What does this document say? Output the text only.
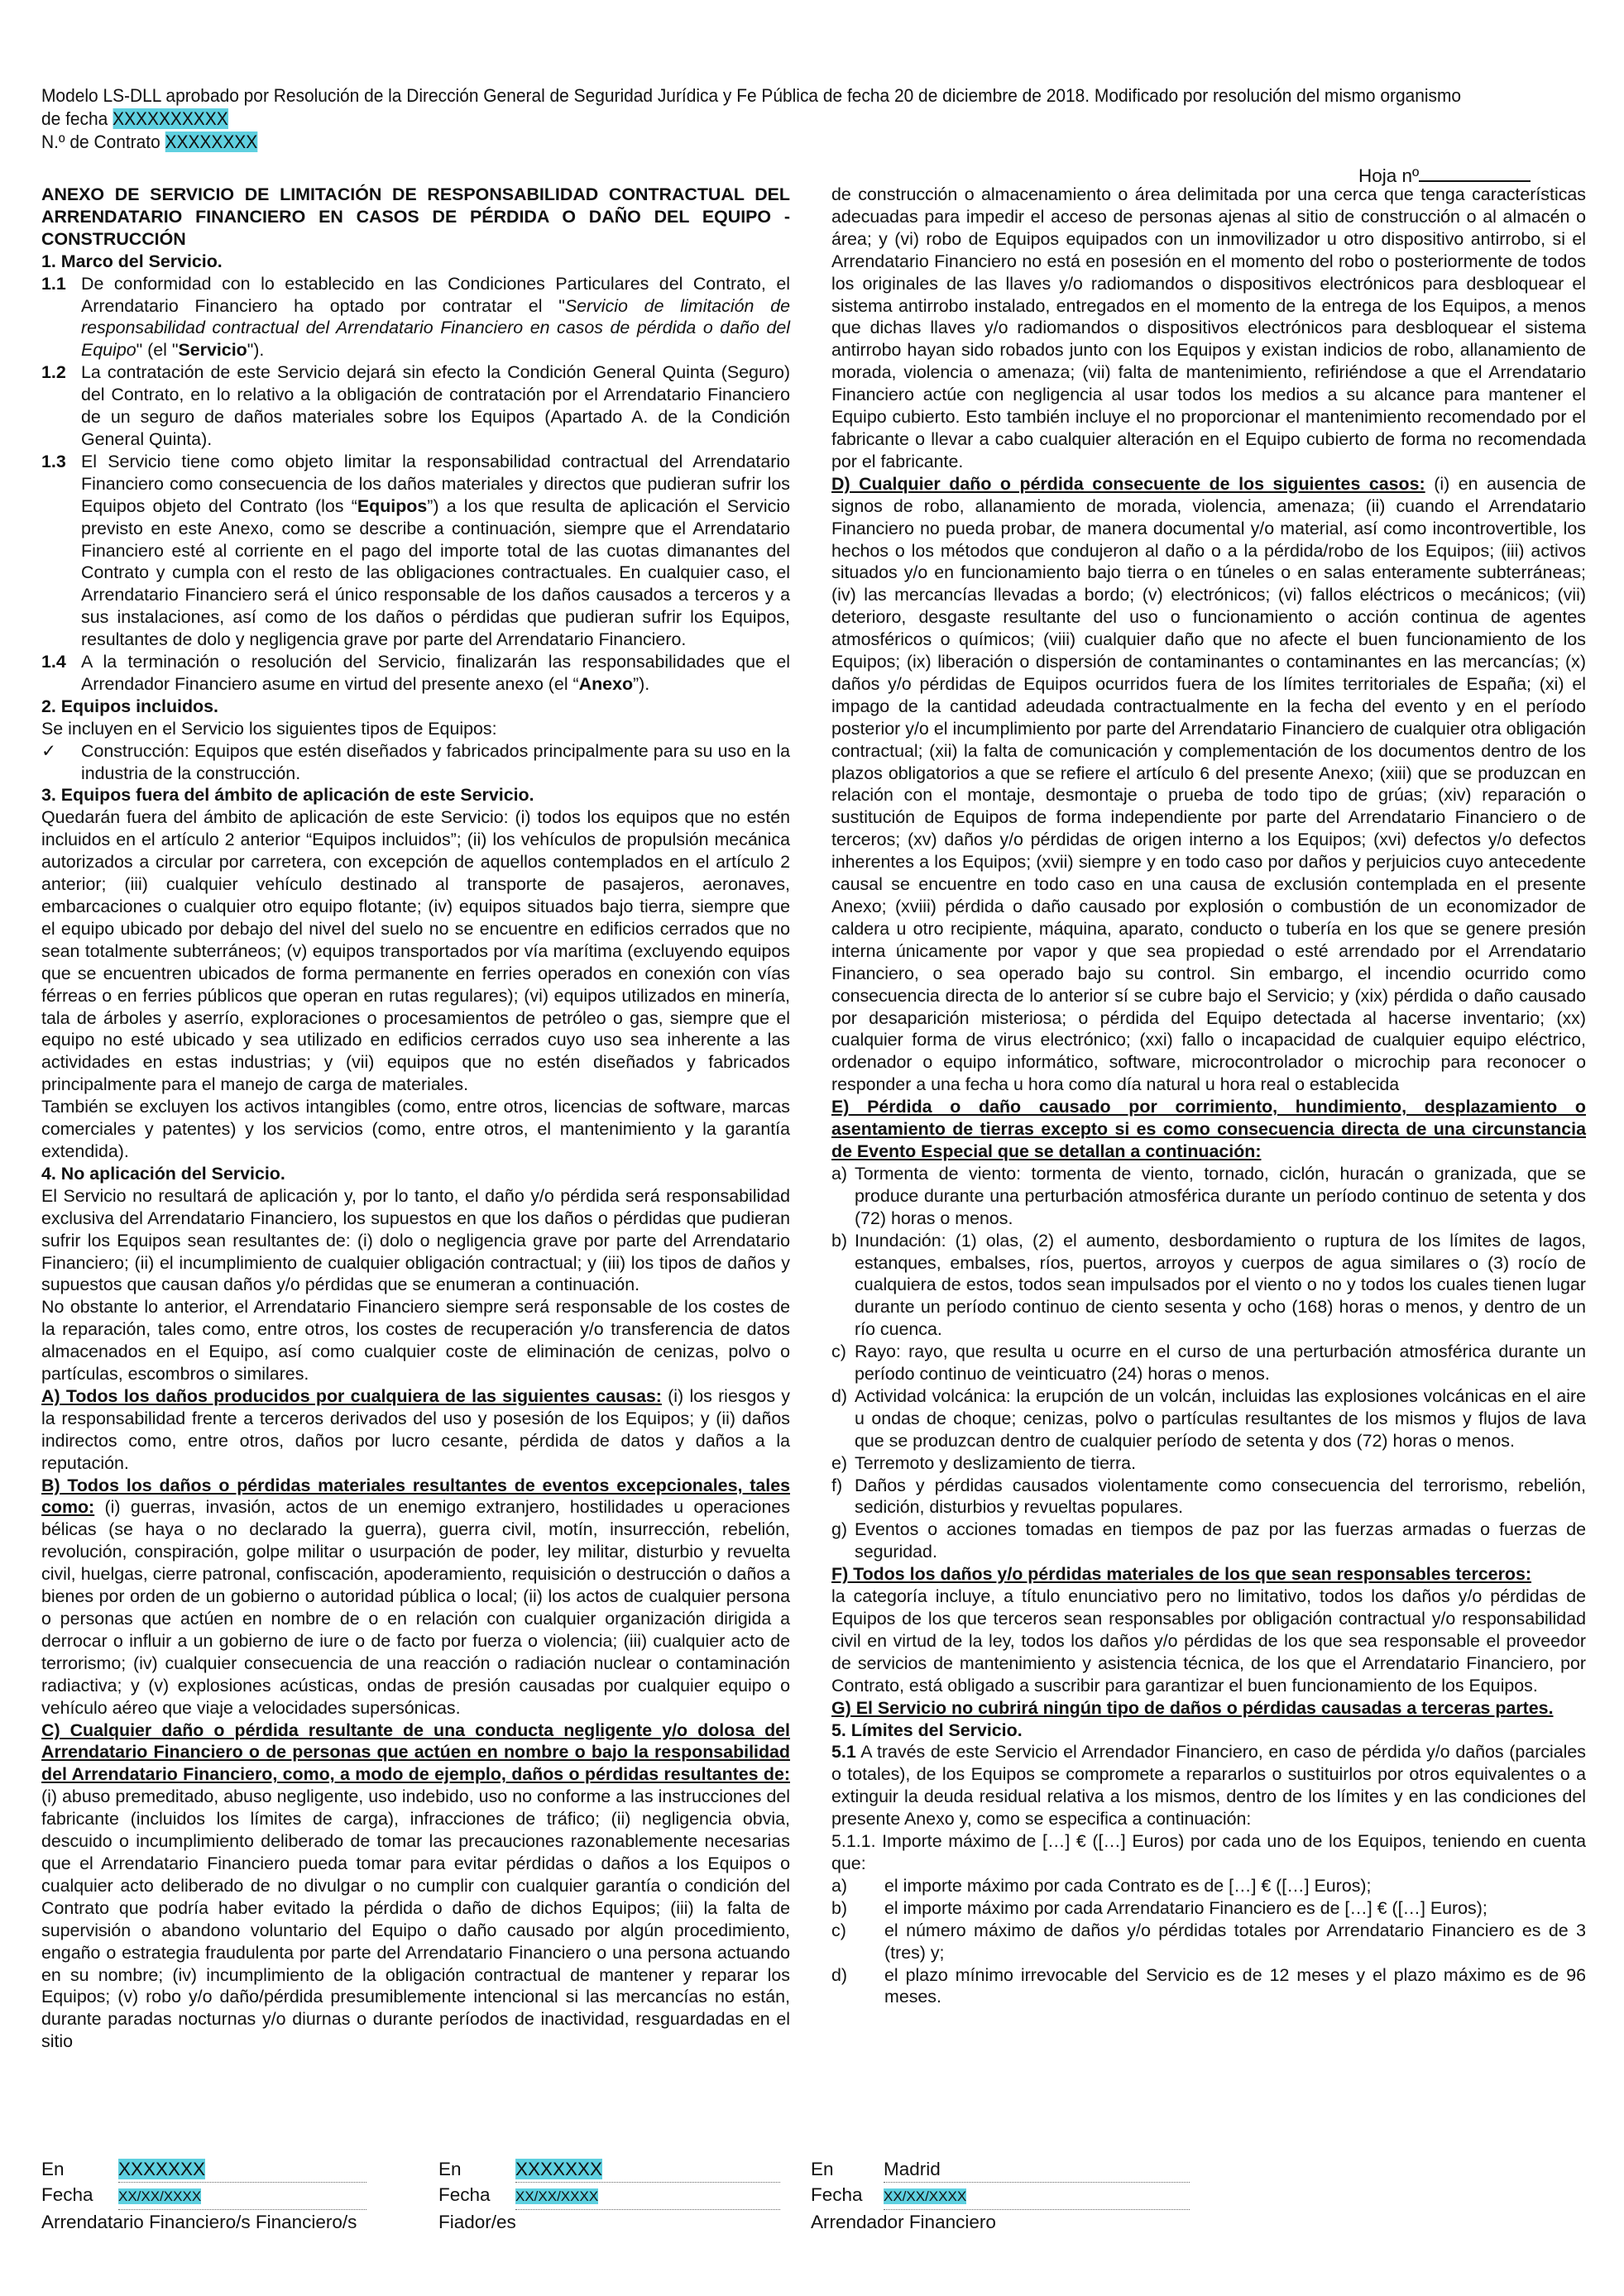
Modelo LS-DLL aprobado por Resolución de la Dirección General de Seguridad Jurídica y Fe Pública de fecha 20 de diciembre de 2018. Modificado por resolución del mismo organismo de fecha XXXXXXXXXX
N.º de Contrato XXXXXXXX
Hoja nº

ANEXO DE SERVICIO DE LIMITACIÓN DE RESPONSABILIDAD CONTRACTUAL DEL ARRENDATARIO FINANCIERO EN CASOS DE PÉRDIDA O DAÑO DEL EQUIPO - CONSTRUCCIÓN

1. Marco del Servicio.

1.1 De conformidad con lo establecido en las Condiciones Particulares del Contrato, el Arrendatario Financiero ha optado por contratar el "Servicio de limitación de responsabilidad contractual del Arrendatario Financiero en casos de pérdida o daño del Equipo" (el "Servicio").
1.2 La contratación de este Servicio dejará sin efecto la Condición General Quinta (Seguro) del Contrato, en lo relativo a la obligación de contratación por el Arrendatario Financiero de un seguro de daños materiales sobre los Equipos (Apartado A. de la Condición General Quinta).
1.3 El Servicio tiene como objeto limitar la responsabilidad contractual del Arrendatario Financiero como consecuencia de los daños materiales y directos que pudieran sufrir los Equipos objeto del Contrato (los “Equipos”) a los que resulta de aplicación el Servicio previsto en este Anexo, como se describe a continuación, siempre que el Arrendatario Financiero esté al corriente en el pago del importe total de las cuotas dimanantes del Contrato y cumpla con el resto de las obligaciones contractuales. En cualquier caso, el Arrendatario Financiero será el único responsable de los daños causados a terceros y a sus instalaciones, así como de los daños o pérdidas que pudieran sufrir los Equipos, resultantes de dolo y negligencia grave por parte del Arrendatario Financiero.
1.4 A la terminación o resolución del Servicio, finalizarán las responsabilidades que el Arrendador Financiero asume en virtud del presente anexo (el “Anexo”).

2. Equipos incluidos.

Se incluyen en el Servicio los siguientes tipos de Equipos:

✓	Construcción: Equipos que estén diseñados y fabricados principalmente para su uso en la industria de la construcción.

3. Equipos fuera del ámbito de aplicación de este Servicio.

Quedarán fuera del ámbito de aplicación de este Servicio: (i) todos los equipos que no estén incluidos en el artículo 2 anterior “Equipos incluidos”; (ii) los vehículos de propulsión mecánica autorizados a circular por carretera, con excepción de aquellos contemplados en el artículo 2 anterior; (iii) cualquier vehículo destinado al transporte de pasajeros, aeronaves, embarcaciones o cualquier otro equipo flotante; (iv) equipos situados bajo tierra, siempre que el equipo ubicado por debajo del nivel del suelo no se encuentre en edificios cerrados que no sean totalmente subterráneos; (v) equipos transportados por vía marítima (excluyendo equipos que se encuentren ubicados de forma permanente en ferries operados en conexión con vías férreas o en ferries públicos que operan en rutas regulares); (vi) equipos utilizados en minería, tala de árboles y aserrío, exploraciones o procesamientos de petróleo o gas, siempre que el equipo no esté ubicado y sea utilizado en edificios cerrados cuyo uso sea inherente a las actividades en estas industrias; y (vii) equipos que no estén diseñados y fabricados principalmente para el manejo de carga de materiales.

También se excluyen los activos intangibles (como, entre otros, licencias de software, marcas comerciales y patentes) y los servicios (como, entre otros, el mantenimiento y la garantía extendida).

4. No aplicación del Servicio.

El Servicio no resultará de aplicación y, por lo tanto, el daño y/o pérdida será responsabilidad exclusiva del Arrendatario Financiero, los supuestos en que los daños o pérdidas que pudieran sufrir los Equipos sean resultantes de: (i) dolo o negligencia grave por parte del Arrendatario Financiero; (ii) el incumplimiento de cualquier obligación contractual; y (iii) los tipos de daños y supuestos que causan daños y/o pérdidas que se enumeran a continuación.

No obstante lo anterior, el Arrendatario Financiero siempre será responsable de los costes de la reparación, tales como, entre otros, los costes de recuperación y/o transferencia de datos almacenados en el Equipo, así como cualquier coste de eliminación de cenizas, polvo o partículas, escombros o similares.

A) Todos los daños producidos por cualquiera de las siguientes causas: (i) los riesgos y la responsabilidad frente a terceros derivados del uso y posesión de los Equipos; y (ii) daños indirectos como, entre otros, daños por lucro cesante, pérdida de datos y daños a la reputación.

B) Todos los daños o pérdidas materiales resultantes de eventos excepcionales, tales como: (i) guerras, invasión, actos de un enemigo extranjero, hostilidades u operaciones bélicas (se haya o no declarado la guerra), guerra civil, motín, insurrección, rebelión, revolución, conspiración, golpe militar o usurpación de poder, ley militar, disturbio y revuelta civil, huelgas, cierre patronal, confiscación, apoderamiento, requisición o destrucción o daños a bienes por orden de un gobierno o autoridad pública o local; (ii) los actos de cualquier persona o personas que actúen en nombre de o en relación con cualquier organización dirigida a derrocar o influir a un gobierno de iure o de facto por fuerza o violencia; (iii) cualquier acto de terrorismo; (iv) cualquier consecuencia de una reacción o radiación nuclear o contaminación radiactiva; y (v) explosiones acústicas, ondas de presión causadas por cualquier equipo o vehículo aéreo que viaje a velocidades supersónicas.

C) Cualquier daño o pérdida resultante de una conducta negligente y/o dolosa del Arrendatario Financiero o de personas que actúen en nombre o bajo la responsabilidad del Arrendatario Financiero, como, a modo de ejemplo, daños o pérdidas resultantes de: (i) abuso premeditado, abuso negligente, uso indebido, uso no conforme a las instrucciones del fabricante (incluidos los límites de carga), infracciones de tráfico; (ii) negligencia obvia, descuido o incumplimiento deliberado de tomar las precauciones razonablemente necesarias que el Arrendatario Financiero pueda tomar para evitar pérdidas o daños a los Equipos o cualquier acto deliberado de no divulgar o no cumplir con cualquier garantía o condición del Contrato que podría haber evitado la pérdida o daño de dichos Equipos; (iii) la falta de supervisión o abandono voluntario del Equipo o daño causado por algún procedimiento, engaño o estrategia fraudulenta por parte del Arrendatario Financiero o una persona actuando en su nombre; (iv) incumplimiento de la obligación contractual de mantener y reparar los Equipos; (v) robo y/o daño/pérdida presumiblemente intencional si las mercancías no están, durante paradas nocturnas y/o diurnas o durante períodos de inactividad, resguardadas en el sitio

de construcción o almacenamiento o área delimitada por una cerca que tenga características adecuadas para impedir el acceso de personas ajenas al sitio de construcción o al almacén o área; y (vi) robo de Equipos equipados con un inmovilizador u otro dispositivo antirrobo, si el Arrendatario Financiero no está en posesión en el momento del robo o posteriormente de todos los originales de las llaves y/o radiomandos o dispositivos electrónicos para desbloquear el sistema antirrobo instalado, entregados en el momento de la entrega de los Equipos, a menos que dichas llaves y/o radiomandos o dispositivos electrónicos para desbloquear el sistema antirrobo hayan sido robados junto con los Equipos y existan indicios de robo, allanamiento de morada, violencia o amenaza; (vii) falta de mantenimiento, refiriéndose a que el Arrendatario Financiero actúe con negligencia al usar todos los medios a su alcance para mantener el Equipo cubierto. Esto también incluye el no proporcionar el mantenimiento recomendado por el fabricante o llevar a cabo cualquier alteración en el Equipo cubierto de forma no recomendada por el fabricante.

D) Cualquier daño o pérdida consecuente de los siguientes casos: (i) en ausencia de signos de robo, allanamiento de morada, violencia, amenaza; (ii) cuando el Arrendatario Financiero no pueda probar, de manera documental y/o material, así como incontrovertible, los hechos o los métodos que condujeron al daño o a la pérdida/robo de los Equipos; (iii) activos situados y/o en funcionamiento bajo tierra o en túneles o en salas enteramente subterráneas; (iv) las mercancías llevadas a bordo; (v) electrónicos; (vi) fallos eléctricos o mecánicos; (vii) deterioro, desgaste resultante del uso o funcionamiento o acción continua de agentes atmosféricos o químicos; (viii) cualquier daño que no afecte el buen funcionamiento de los Equipos; (ix) liberación o dispersión de contaminantes o contaminantes en las mercancías; (x) daños y/o pérdidas de Equipos ocurridos fuera de los límites territoriales de España; (xi) el impago de la cantidad adeudada contractualmente en la fecha del evento y en el período posterior y/o el incumplimiento por parte del Arrendatario Financiero de cualquier otra obligación contractual; (xii) la falta de comunicación y complementación de los documentos dentro de los plazos obligatorios a que se refiere el artículo 6 del presente Anexo; (xiii) que se produzcan en relación con el montaje, desmontaje o prueba de todo tipo de grúas; (xiv) reparación o sustitución de Equipos de forma independiente por parte del Arrendatario Financiero o de terceros; (xv) daños y/o pérdidas de origen interno a los Equipos; (xvi) defectos y/o defectos inherentes a los Equipos; (xvii) siempre y en todo caso por daños y perjuicios cuyo antecedente causal se encuentre en todo caso en una causa de exclusión contemplada en el presente Anexo; (xviii) pérdida o daño causado por explosión o combustión de un economizador de caldera u otro recipiente, máquina, aparato, conducto o tubería en los que se genere presión interna únicamente por vapor y que sea propiedad o esté arrendado por el Arrendatario Financiero, o sea operado bajo su control. Sin embargo, el incendio ocurrido como consecuencia directa de lo anterior sí se cubre bajo el Servicio; y (xix) pérdida o daño causado por desaparición misteriosa; o pérdida del Equipo detectada al hacerse inventario; (xx) cualquier forma de virus electrónico; (xxi) fallo o incapacidad de cualquier equipo eléctrico, ordenador o equipo informático, software, microcontrolador o microchip para reconocer o responder a una fecha u hora como día natural u hora real o establecida

E) Pérdida o daño causado por corrimiento, hundimiento, desplazamiento o asentamiento de tierras excepto si es como consecuencia directa de una circunstancia de Evento Especial que se detallan a continuación:

a) Tormenta de viento: tormenta de viento, tornado, ciclón, huracán o granizada, que se produce durante una perturbación atmosférica durante un período continuo de setenta y dos (72) horas o menos.
b) Inundación: (1) olas, (2) el aumento, desbordamiento o ruptura de los límites de lagos, estanques, embalses, ríos, puertos, arroyos y cuerpos de agua similares o (3) rocío de cualquiera de estos, todos sean impulsados por el viento o no y todos los cuales tienen lugar durante un período continuo de ciento sesenta y ocho (168) horas o menos, y dentro de un río cuenca.
c) Rayo: rayo, que resulta u ocurre en el curso de una perturbación atmosférica durante un período continuo de veinticuatro (24) horas o menos.
d) Actividad volcánica: la erupción de un volcán, incluidas las explosiones volcánicas en el aire u ondas de choque; cenizas, polvo o partículas resultantes de los mismos y flujos de lava que se produzcan dentro de cualquier período de setenta y dos (72) horas o menos.
e) Terremoto y deslizamiento de tierra.
f) Daños y pérdidas causados violentamente como consecuencia del terrorismo, rebelión, sedición, disturbios y revueltas populares.
g) Eventos o acciones tomadas en tiempos de paz por las fuerzas armadas o fuerzas de seguridad.

F) Todos los daños y/o pérdidas materiales de los que sean responsables terceros:

la categoría incluye, a título enunciativo pero no limitativo, todos los daños y/o pérdidas de Equipos de los que terceros sean responsables por obligación contractual y/o responsabilidad civil en virtud de la ley, todos los daños y/o pérdidas de los que sea responsable el proveedor de servicios de mantenimiento y asistencia técnica, de los que el Arrendatario Financiero, por Contrato, está obligado a suscribir para garantizar el buen funcionamiento de los Equipos.

G) El Servicio no cubrirá ningún tipo de daños o pérdidas causadas a terceras partes.

5. Límites del Servicio.

5.1 A través de este Servicio el Arrendador Financiero, en caso de pérdida y/o daños (parciales o totales), de los Equipos se compromete a repararlos o sustituirlos por otros equivalentes o a extinguir la deuda residual relativa a los mismos, dentro de los límites y en las condiciones del presente Anexo y, como se especifica a continuación:

5.1.1. Importe máximo de […] € ([…] Euros) por cada uno de los Equipos, teniendo en cuenta que:

a)	el importe máximo por cada Contrato es de […] € ([…] Euros);
b)	el importe máximo por cada Arrendatario Financiero es de […] € ([…] Euros);
c)	el número máximo de daños y/o pérdidas totales por Arrendatario Financiero es de 3 (tres) y;
d)	el plazo mínimo irrevocable del Servicio es de 12 meses y el plazo máximo es de 96 meses.
En	XXXXXXX
Fecha	XX/XX/XXXX
Arrendatario Financiero/s Financiero/s
En	XXXXXXX
Fecha	XX/XX/XXXX
Fiador/es
En	Madrid
Fecha	XX/XX/XXXX
Arrendador Financiero
